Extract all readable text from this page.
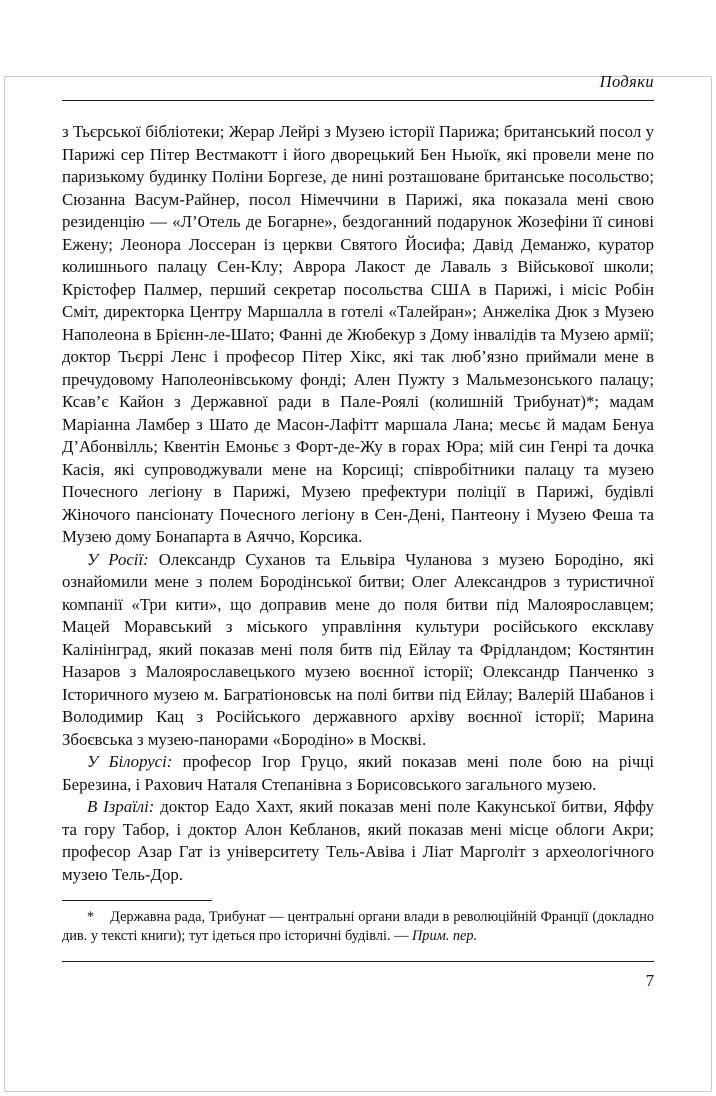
Подяки

з Тьєрської бібліотеки; Жерар Лейрі з Музею історії Парижа; британський посол у Парижі сер Пітер Вестмакотт і його дворецький Бен Ньюїк, які провели мене по паризькому будинку Поліни Боргезе, де нині розташоване британське посольство; Сюзанна Васум-Райнер, посол Німеччини в Парижі, яка показала мені свою резиденцію — «Л’Отель де Богарне», бездоганний подарунок Жозефіни її синові Ежену; Леонора Лоссеран із церкви Святого Йосифа; Давід Деманжо, куратор колишнього палацу Сен-Клу; Аврора Лакост де Лаваль з Військової школи; Крістофер Палмер, перший секретар посольства США в Парижі, і місіс Робін Сміт, директорка Центру Маршалла в готелі «Талейран»; Анжеліка Дюк з Музею Наполеона в Брієнн-ле-Шато; Фанні де Жюбекур з Дому інвалідів та Музею армії; доктор Тьєррі Ленс і професор Пітер Хікс, які так люб’язно приймали мене в пречудовому Наполеонівському фонді; Ален Пужту з Мальмезонського палацу; Ксав’є Кайон з Державної ради в Пале-Роялі (колишній Трибунат)*; мадам Маріанна Ламбер з Шато де Масон-Лафітт маршала Лана; месьє й мадам Бенуа Д’Абонвілль; Квентін Емоньє з Форт-де-Жу в горах Юра; мій син Генрі та дочка Касія, які супроводжували мене на Корсиці; співробітники палацу та музею Почесного легіону в Парижі, Музею префектури поліції в Парижі, будівлі Жіночого пансіонату Почесного легіону в Сен-Дені, Пантеону і Музею Феша та Музею дому Бонапарта в Аяччо, Корсика.

У Росії: Олександр Суханов та Ельвіра Чуланова з музею Бородіно, які ознайомили мене з полем Бородінської битви; Олег Александров з туристичної компанії «Три кити», що доправив мене до поля битви під Малоярославцем; Мацей Моравський з міського управління культури російського ексклаву Калінінград, який показав мені поля битв під Ейлау та Фрідландом; Костянтин Назаров з Малоярославецького музею воєнної історії; Олександр Панченко з Історичного музею м. Багратіоновськ на полі битви під Ейлау; Валерій Шабанов і Володимир Кац з Російського державного архіву воєнної історії; Марина Збоєвська з музею-панорами «Бородіно» в Москві.

У Білорусі: професор Ігор Груцо, який показав мені поле бою на річці Березина, і Рахович Наталя Степанівна з Борисовського загального музею.

В Ізраїлі: доктор Еадо Хахт, який показав мені поле Какунської битви, Яффу та гору Табор, і доктор Алон Кебланов, який показав мені місце облоги Акри; професор Азар Гат із університету Тель-Авіва і Ліат Марголіт з археологічного музею Тель-Дор.

* Державна рада, Трибунат — центральні органи влади в революційній Франції (докладно див. у тексті книги); тут ідеться про історичні будівлі. — Прим. пер.

7
